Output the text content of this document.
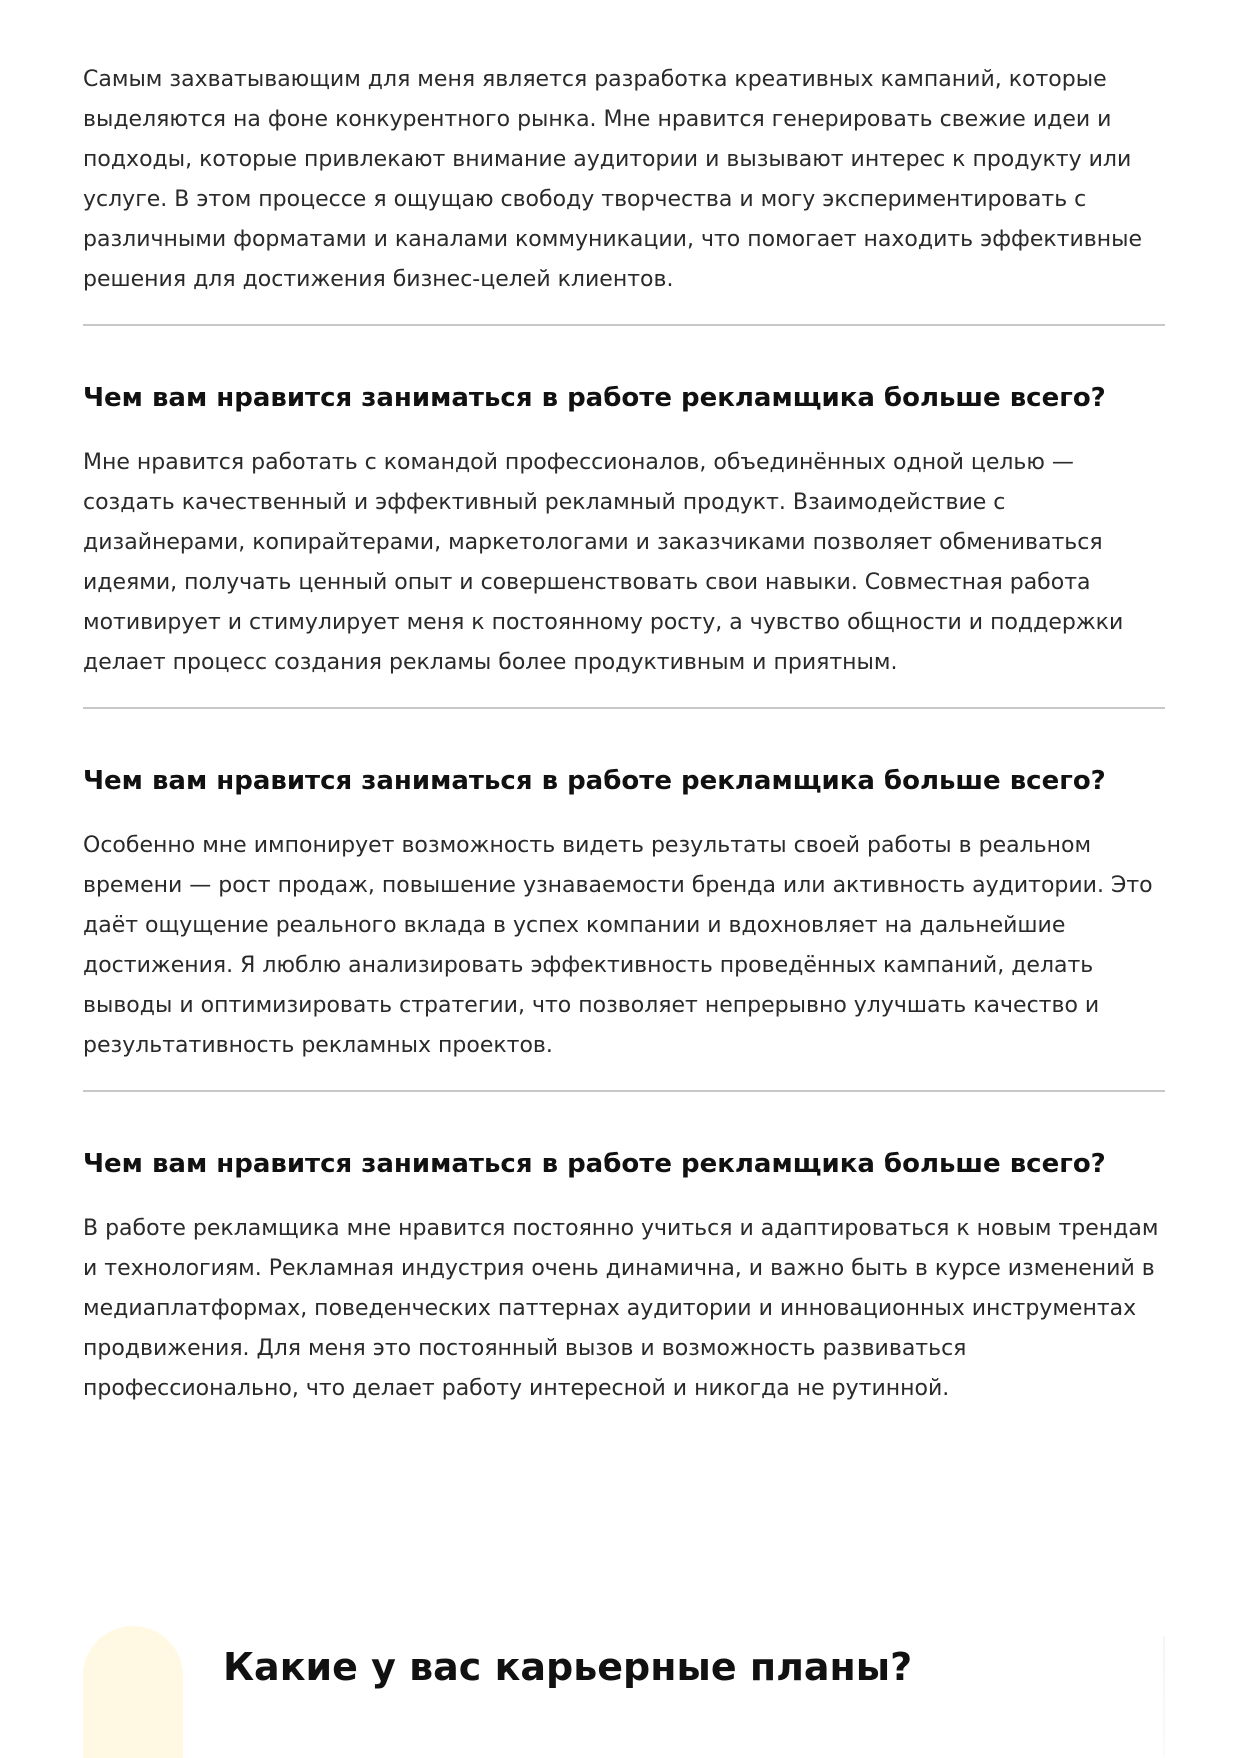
Самым захватывающим для меня является разработка креативных кампаний, которые выделяются на фоне конкурентного рынка. Мне нравится генерировать свежие идеи и подходы, которые привлекают внимание аудитории и вызывают интерес к продукту или услуге. В этом процессе я ощущаю свободу творчества и могу экспериментировать с различными форматами и каналами коммуникации, что помогает находить эффективные решения для достижения бизнес-целей клиентов.

Чем вам нравится заниматься в работе рекламщика больше всего?

Мне нравится работать с командой профессионалов, объединённых одной целью — создать качественный и эффективный рекламный продукт. Взаимодействие с дизайнерами, копирайтерами, маркетологами и заказчиками позволяет обмениваться идеями, получать ценный опыт и совершенствовать свои навыки. Совместная работа мотивирует и стимулирует меня к постоянному росту, а чувство общности и поддержки делает процесс создания рекламы более продуктивным и приятным.

Чем вам нравится заниматься в работе рекламщика больше всего?

Особенно мне импонирует возможность видеть результаты своей работы в реальном времени — рост продаж, повышение узнаваемости бренда или активность аудитории. Это даёт ощущение реального вклада в успех компании и вдохновляет на дальнейшие достижения. Я люблю анализировать эффективность проведённых кампаний, делать выводы и оптимизировать стратегии, что позволяет непрерывно улучшать качество и результативность рекламных проектов.

Чем вам нравится заниматься в работе рекламщика больше всего?

В работе рекламщика мне нравится постоянно учиться и адаптироваться к новым трендам и технологиям. Рекламная индустрия очень динамична, и важно быть в курсе изменений в медиаплатформах, поведенческих паттернах аудитории и инновационных инструментах продвижения. Для меня это постоянный вызов и возможность развиваться профессионально, что делает работу интересной и никогда не рутинной.

Какие у вас карьерные планы?
